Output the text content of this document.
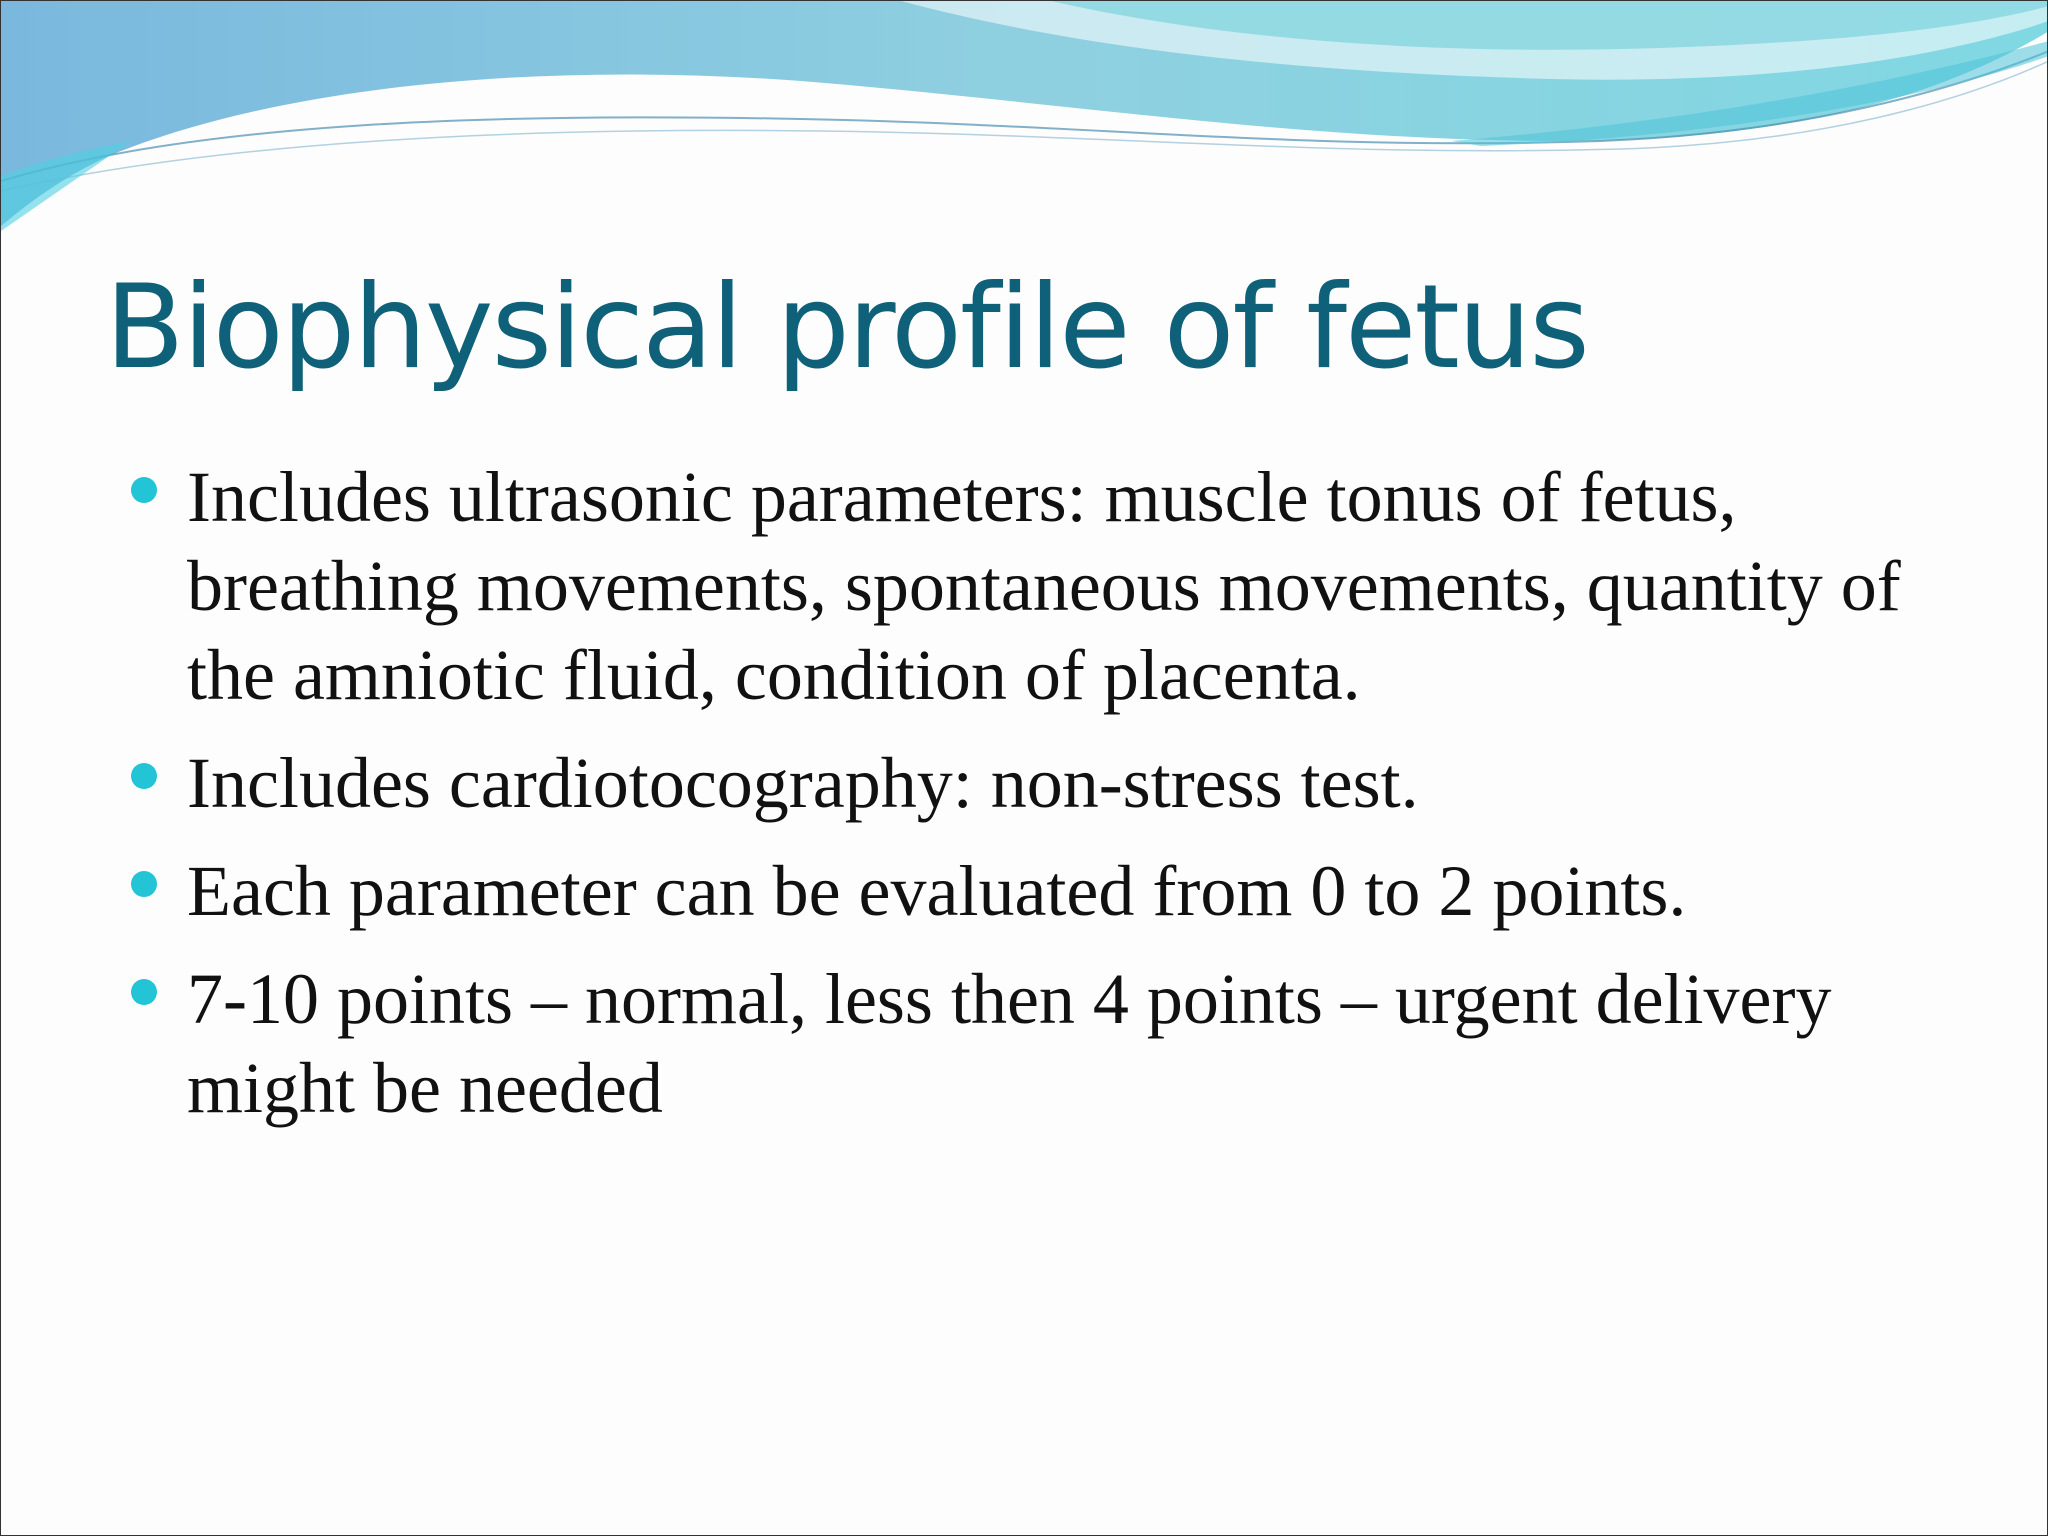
Biophysical profile of fetus
Includes ultrasonic parameters: muscle tonus of fetus, breathing movements, spontaneous movements, quantity of the amniotic fluid, condition of placenta.
Includes cardiotocography: non-stress test.
Each parameter can be evaluated from 0 to 2 points.
7-10 points – normal, less then 4 points – urgent delivery might be needed
